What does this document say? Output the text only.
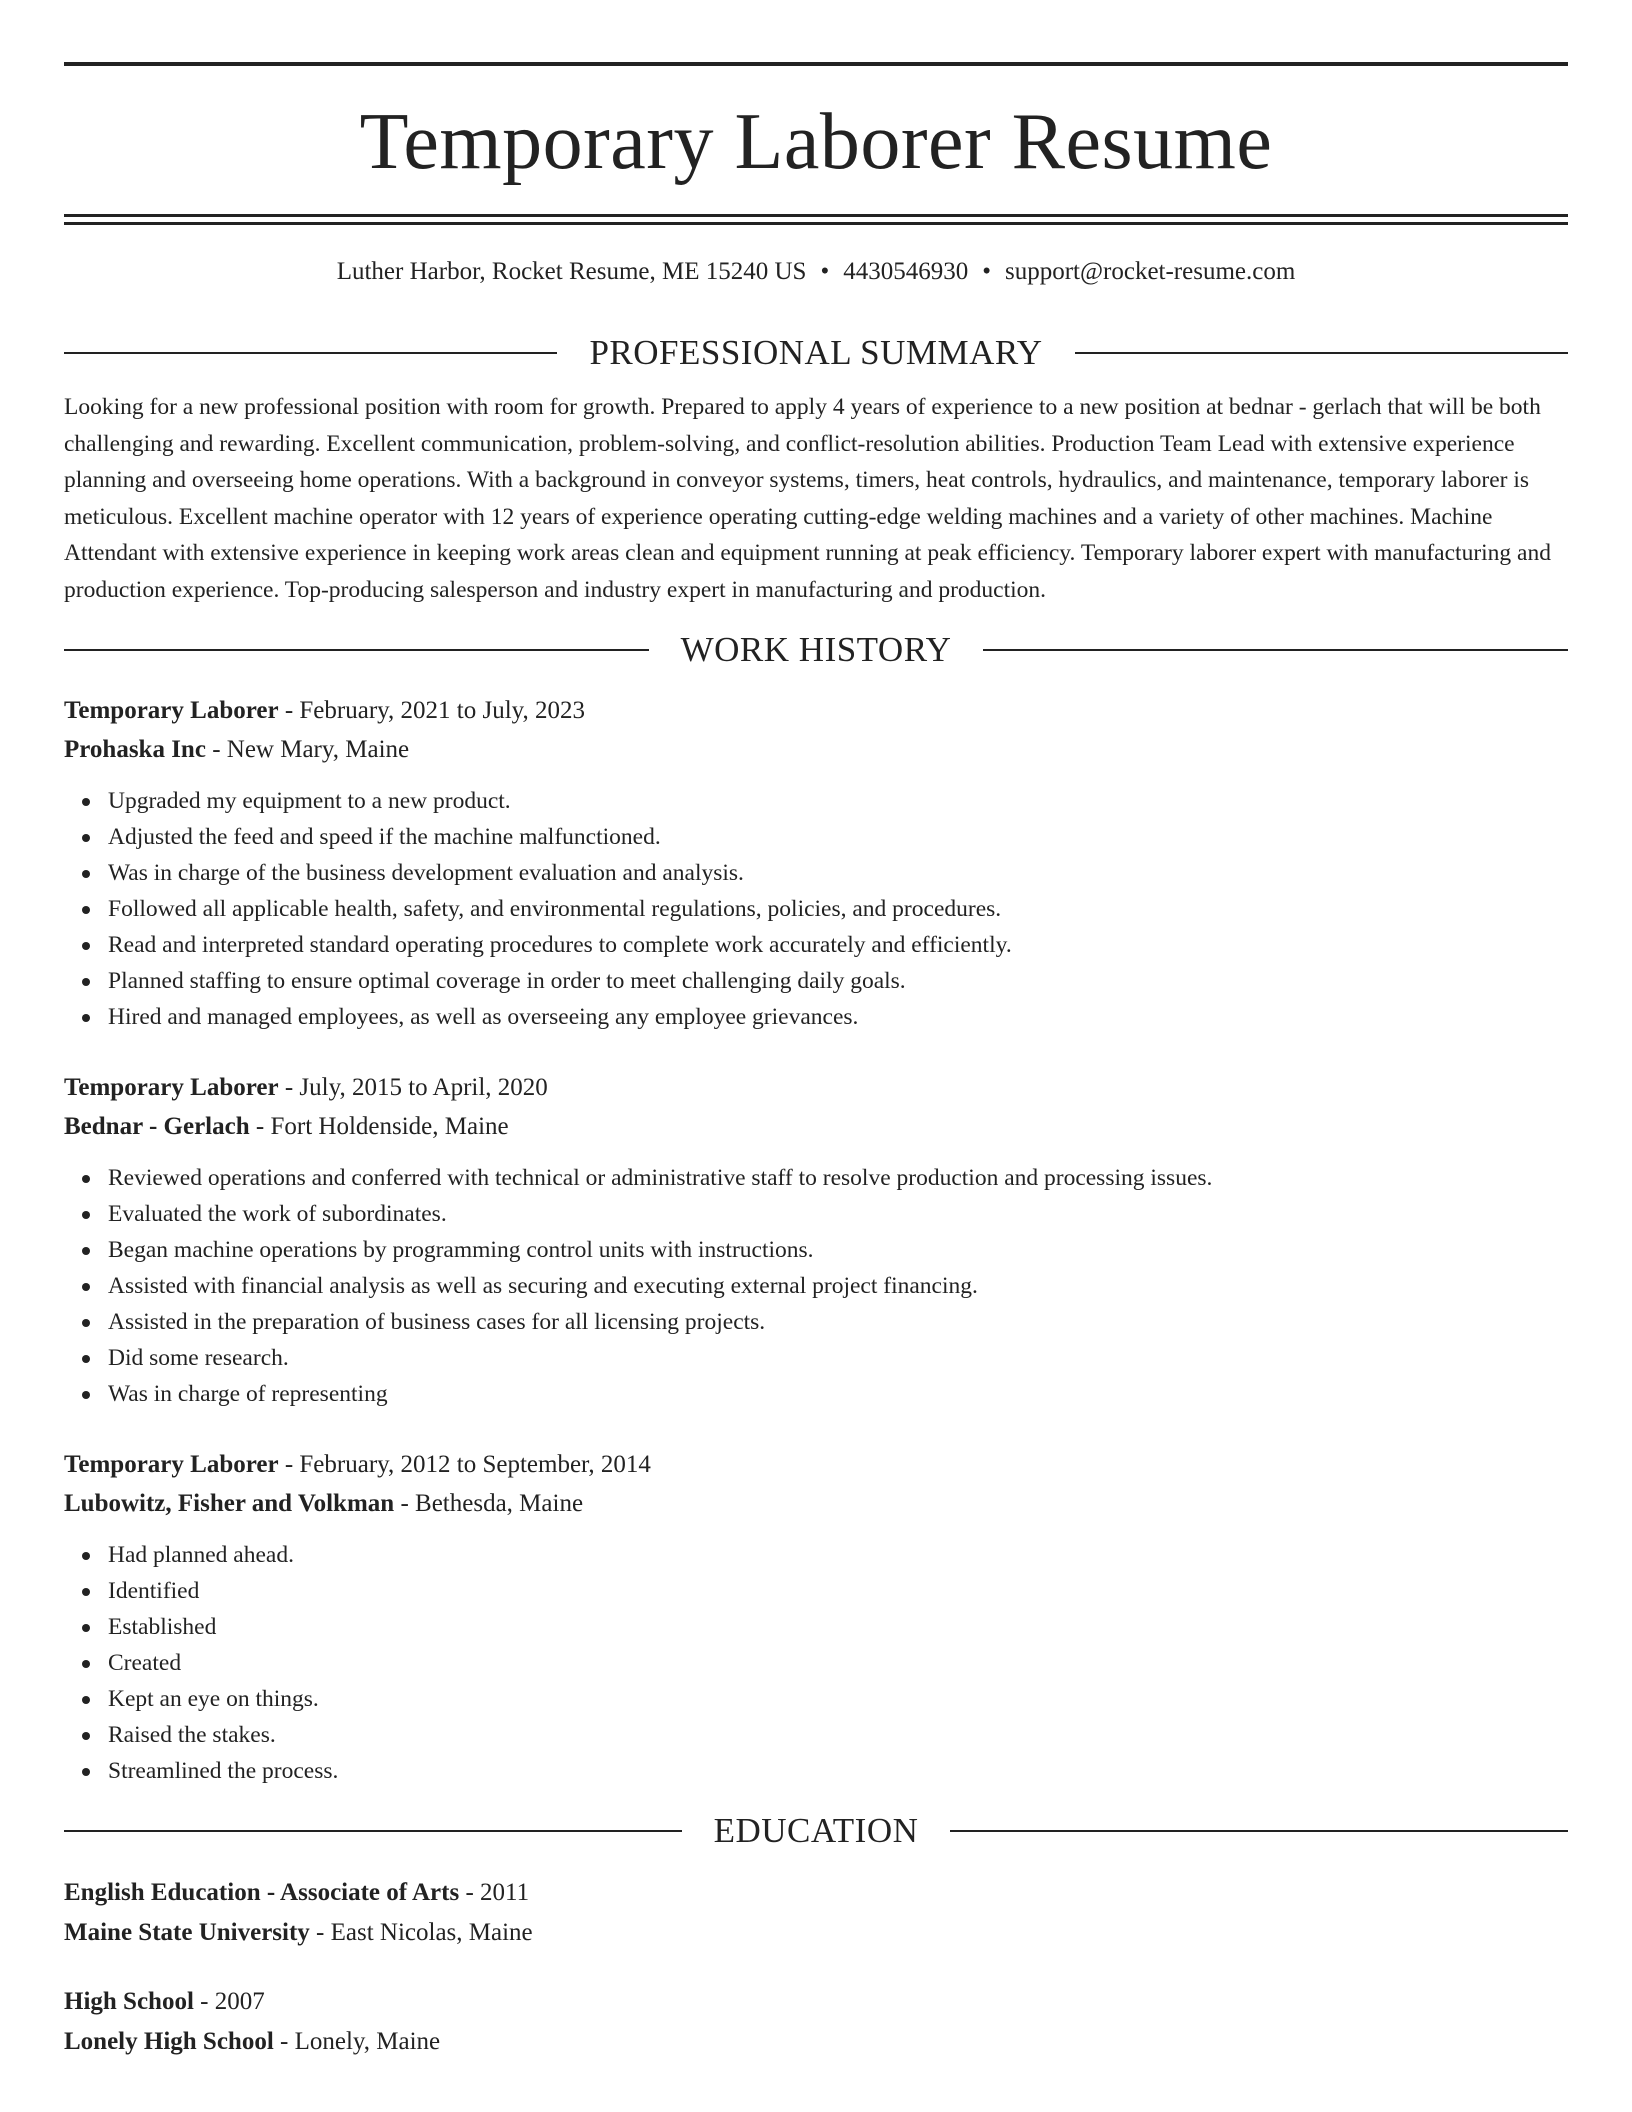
Temporary Laborer Resume
Luther Harbor, Rocket Resume, ME 15240 US • 4430546930 • support@rocket-resume.com
PROFESSIONAL SUMMARY

Looking for a new professional position with room for growth. Prepared to apply 4 years of experience to a new position at bednar - gerlach that will be both challenging and rewarding. Excellent communication, problem-solving, and conflict-resolution abilities. Production Team Lead with extensive experience planning and overseeing home operations. With a background in conveyor systems, timers, heat controls, hydraulics, and maintenance, temporary laborer is meticulous. Excellent machine operator with 12 years of experience operating cutting-edge welding machines and a variety of other machines. Machine Attendant with extensive experience in keeping work areas clean and equipment running at peak efficiency. Temporary laborer expert with manufacturing and production experience. Top-producing salesperson and industry expert in manufacturing and production.

WORK HISTORY
Temporary Laborer - February, 2021 to July, 2023
Prohaska Inc - New Mary, Maine
Upgraded my equipment to a new product.
Adjusted the feed and speed if the machine malfunctioned.
Was in charge of the business development evaluation and analysis.
Followed all applicable health, safety, and environmental regulations, policies, and procedures.
Read and interpreted standard operating procedures to complete work accurately and efficiently.
Planned staffing to ensure optimal coverage in order to meet challenging daily goals.
Hired and managed employees, as well as overseeing any employee grievances.
Temporary Laborer - July, 2015 to April, 2020
Bednar - Gerlach - Fort Holdenside, Maine
Reviewed operations and conferred with technical or administrative staff to resolve production and processing issues.
Evaluated the work of subordinates.
Began machine operations by programming control units with instructions.
Assisted with financial analysis as well as securing and executing external project financing.
Assisted in the preparation of business cases for all licensing projects.
Did some research.
Was in charge of representing
Temporary Laborer - February, 2012 to September, 2014
Lubowitz, Fisher and Volkman - Bethesda, Maine
Had planned ahead.
Identified
Established
Created
Kept an eye on things.
Raised the stakes.
Streamlined the process.
EDUCATION
English Education - Associate of Arts - 2011
Maine State University - East Nicolas, Maine
High School - 2007
Lonely High School - Lonely, Maine
